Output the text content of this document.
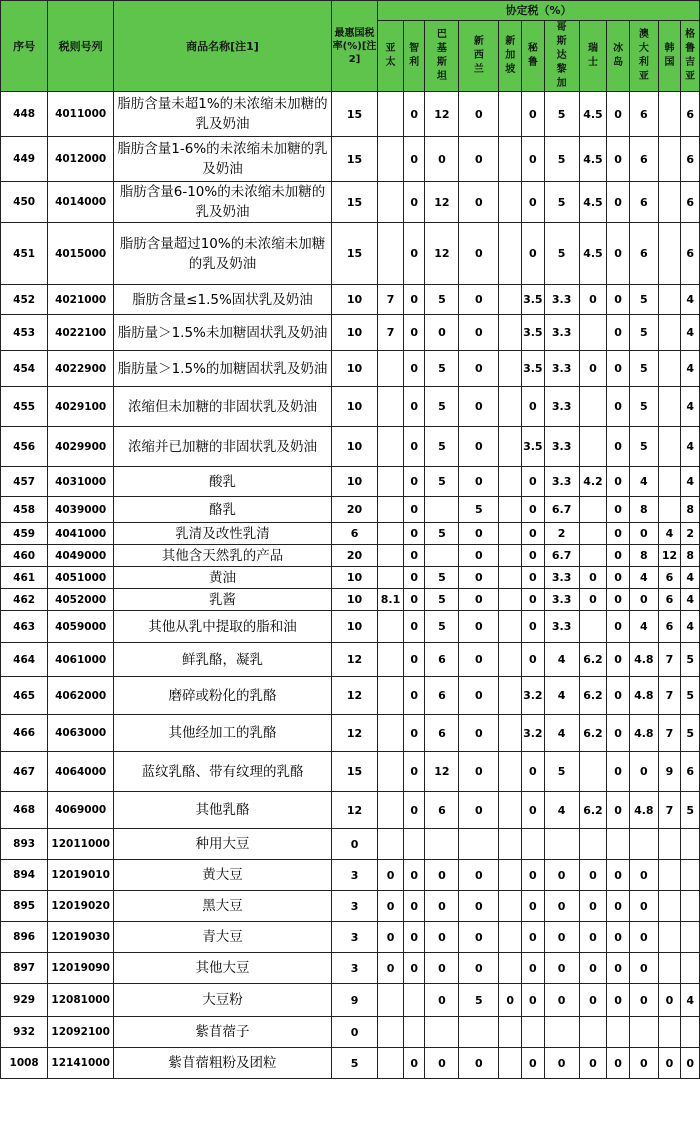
序号	税则号列	商品名称[注1]	最惠国税率(%)[注2]	协定税（%）											
				亚太	智利	巴基斯坦	新西兰	新加坡	秘鲁	哥斯达黎加	瑞士	冰岛	澳大利亚	韩国	格鲁吉亚
448	4011000	脂肪含量未超1%的未浓缩未加糖的乳及奶油	15		0	12	0		0	5	4.5	0	6		6
449	4012000	脂肪含量1-6%的未浓缩未加糖的乳及奶油	15		0	0	0		0	5	4.5	0	6		6
450	4014000	脂肪含量6-10%的未浓缩未加糖的乳及奶油	15		0	12	0		0	5	4.5	0	6		6
451	4015000	脂肪含量超过10%的未浓缩未加糖的乳及奶油	15		0	12	0		0	5	4.5	0	6		6
452	4021000	脂肪含量≤1.5%固状乳及奶油	10	7	0	5	0		3.5	3.3	0	0	5		4
453	4022100	脂肪量＞1.5%未加糖固状乳及奶油	10	7	0	0	0		3.5	3.3		0	5		4
454	4022900	脂肪量＞1.5%的加糖固状乳及奶油	10		0	5	0		3.5	3.3	0	0	5		4
455	4029100	浓缩但未加糖的非固状乳及奶油	10		0	5	0		0	3.3		0	5		4
456	4029900	浓缩并已加糖的非固状乳及奶油	10		0	5	0		3.5	3.3		0	5		4
457	4031000	酸乳	10		0	5	0		0	3.3	4.2	0	4		4
458	4039000	酪乳	20		0		5		0	6.7		0	8		8
459	4041000	乳清及改性乳清	6		0	5	0		0	2		0	0	4	2
460	4049000	其他含天然乳的产品	20		0		0		0	6.7		0	8	12	8
461	4051000	黄油	10		0	5	0		0	3.3	0	0	4	6	4
462	4052000	乳酱	10	8.1	0	5	0		0	3.3	0	0	0	6	4
463	4059000	其他从乳中提取的脂和油	10		0	5	0		0	3.3		0	4	6	4
464	4061000	鲜乳酪，凝乳	12		0	6	0		0	4	6.2	0	4.8	7	5
465	4062000	磨碎或粉化的乳酪	12		0	6	0		3.2	4	6.2	0	4.8	7	5
466	4063000	其他经加工的乳酪	12		0	6	0		3.2	4	6.2	0	4.8	7	5
467	4064000	蓝纹乳酪、带有纹理的乳酪	15		0	12	0		0	5		0	0	9	6
468	4069000	其他乳酪	12		0	6	0		0	4	6.2	0	4.8	7	5
893	12011000	种用大豆	0												
894	12019010	黄大豆	3	0	0	0	0		0	0	0	0	0		
895	12019020	黑大豆	3	0	0	0	0		0	0	0	0	0		
896	12019030	青大豆	3	0	0	0	0		0	0	0	0	0		
897	12019090	其他大豆	3	0	0	0	0		0	0	0	0	0		
929	12081000	大豆粉	9			0	5	0	0	0	0	0	0	0	4
932	12092100	紫苜蓿子	0												
1008	12141000	紫苜蓿粗粉及团粒	5		0	0	0		0	0	0	0	0	0	0
